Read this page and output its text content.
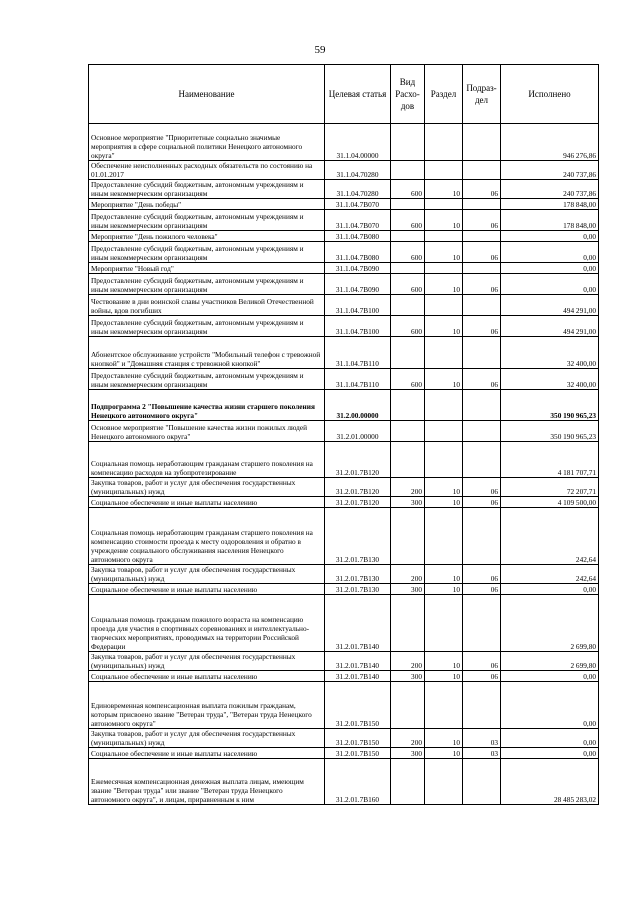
59
Наименование	Целевая статья	Вид Расхо- дов	Раздел	Подраз- дел	Исполнено
Основное мероприятие "Приоритетные социально значимые мероприятия в сфере социальной политики Ненецкого автономного округа"	31.1.04.00000				946 276,86
Обеспечение неисполненных расходных обязательств по состоянию на 01.01.2017	31.1.04.70280				240 737,86
Предоставление субсидий бюджетным, автономным учреждениям и иным некоммерческим организациям	31.1.04.70280	600	10	06	240 737,86
Мероприятие "День победы"	31.1.04.7В070				178 848,00
Предоставление субсидий бюджетным, автономным учреждениям и иным некоммерческим организациям	31.1.04.7В070	600	10	06	178 848,00
Мероприятие "День пожилого человека"	31.1.04.7В080				0,00
Предоставление субсидий бюджетным, автономным учреждениям и иным некоммерческим организациям	31.1.04.7В080	600	10	06	0,00
Мероприятие "Новый год"	31.1.04.7В090				0,00
Предоставление субсидий бюджетным, автономным учреждениям и иным некоммерческим организациям	31.1.04.7В090	600	10	06	0,00
Чествование в дни воинской славы участников Великой Отечественной войны, вдов погибших	31.1.04.7В100				494 291,00
Предоставление субсидий бюджетным, автономным учреждениям и иным некоммерческим организациям	31.1.04.7В100	600	10	06	494 291,00
Абонентское обслуживание устройств "Мобильный телефон с тревожной кнопкой" и "Домашняя станция с тревожной кнопкой"	31.1.04.7В110				32 400,00
Предоставление субсидий бюджетным, автономным учреждениям и иным некоммерческим организациям	31.1.04.7В110	600	10	06	32 400,00
Подпрограмма 2 "Повышение качества жизни старшего поколения Ненецкого автономного округа"	31.2.00.00000				350 190 965,23
Основное мероприятие "Повышение качества жизни пожилых людей Ненецкого автономного округа"	31.2.01.00000				350 190 965,23
Социальная помощь неработающим гражданам старшего поколения на компенсацию расходов на зубопротезирование	31.2.01.7В120				4 181 707,71
Закупка товаров, работ и услуг для обеспечения государственных (муниципальных) нужд	31.2.01.7В120	200	10	06	72 207,71
Социальное обеспечение и иные выплаты населению	31.2.01.7В120	300	10	06	4 109 500,00
Социальная помощь неработающим гражданам старшего поколения на компенсацию стоимости проезда к месту оздоровления и обратно в учреждение социального обслуживания населения Ненецкого автономного округа	31.2.01.7В130				242,64
Закупка товаров, работ и услуг для обеспечения государственных (муниципальных) нужд	31.2.01.7В130	200	10	06	242,64
Социальное обеспечение и иные выплаты населению	31.2.01.7В130	300	10	06	0,00
Социальная помощь гражданам пожилого возраста на компенсацию проезда для участия в спортивных соревнованиях и интеллектуально-творческих мероприятиях, проводимых на территории Российской Федерации	31.2.01.7В140				2 699,80
Закупка товаров, работ и услуг для обеспечения государственных (муниципальных) нужд	31.2.01.7В140	200	10	06	2 699,80
Социальное обеспечение и иные выплаты населению	31.2.01.7В140	300	10	06	0,00
Единовременная компенсационная выплата пожилым гражданам, которым присвоено звание "Ветеран труда", "Ветеран труда Ненецкого автономного округа"	31.2.01.7В150				0,00
Закупка товаров, работ и услуг для обеспечения государственных (муниципальных) нужд	31.2.01.7В150	200	10	03	0,00
Социальное обеспечение и иные выплаты населению	31.2.01.7В150	300	10	03	0,00
Ежемесячная компенсационная денежная выплата лицам, имеющим звание "Ветеран труда" или звание "Ветеран труда Ненецкого автономного округа", и лицам, приравненным к ним	31.2.01.7В160				28 485 283,02
